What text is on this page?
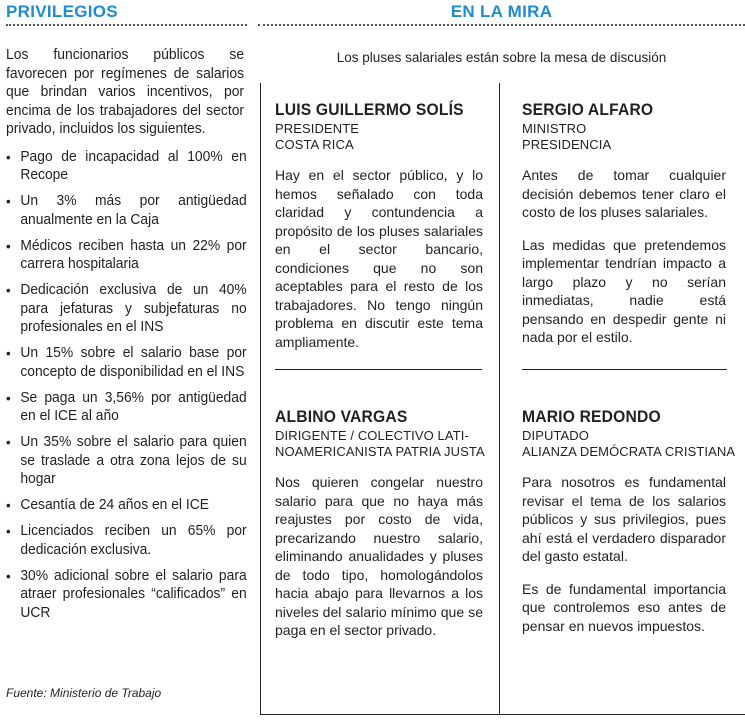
PRIVILEGIOS
Los funcionarios públicos se favorecen por regímenes de salarios que brindan varios incentivos, por encima de los trabajadores del sector privado, incluidos los siguientes.
• Pago de incapacidad al 100% en Recope
• Un 3% más por antigüedad anualmente en la Caja
• Médicos reciben hasta un 22% por carrera hospitalaria
• Dedicación exclusiva de un 40% para jefaturas y subjefaturas no profesionales en el INS
• Un 15% sobre el salario base por concepto de disponibilidad en el INS
• Se paga un 3,56% por antigüedad en el ICE al año
• Un 35% sobre el salario para quien se traslade a otra zona lejos de su hogar
• Cesantía de 24 años en el ICE
• Licenciados reciben un 65% por dedicación exclusiva.
• 30% adicional sobre el salario para atraer profesionales “calificados” en UCR
Fuente: Ministerio de Trabajo
EN LA MIRA
Los pluses salariales están sobre la mesa de discusión
LUIS GUILLERMO SOLÍS
PRESIDENTE
COSTA RICA

Hay en el sector público, y lo hemos señalado con toda claridad y contundencia a propósito de los pluses salariales en el sector bancario, condiciones que no son aceptables para el resto de los trabajadores. No tengo ningún problema en discutir este tema ampliamente.

SERGIO ALFARO
MINISTRO
PRESIDENCIA

Antes de tomar cualquier decisión debemos tener claro el costo de los pluses salariales.

Las medidas que pretendemos implementar tendrían impacto a largo plazo y no serían inmediatas, nadie está pensando en despedir gente ni nada por el estilo.

ALBINO VARGAS
DIRIGENTE / COLECTIVO LATI-
NOAMERICANISTA PATRIA JUSTA

Nos quieren congelar nuestro salario para que no haya más reajustes por costo de vida, precarizando nuestro salario, eliminando anualidades y pluses de todo tipo, homologándolos hacia abajo para llevarnos a los niveles del salario mínimo que se paga en el sector privado.

MARIO REDONDO
DIPUTADO
ALIANZA DEMÓCRATA CRISTIANA

Para nosotros es fundamental revisar el tema de los salarios públicos y sus privilegios, pues ahí está el verdadero disparador del gasto estatal.

Es de fundamental importancia que controlemos eso antes de pensar en nuevos impuestos.
